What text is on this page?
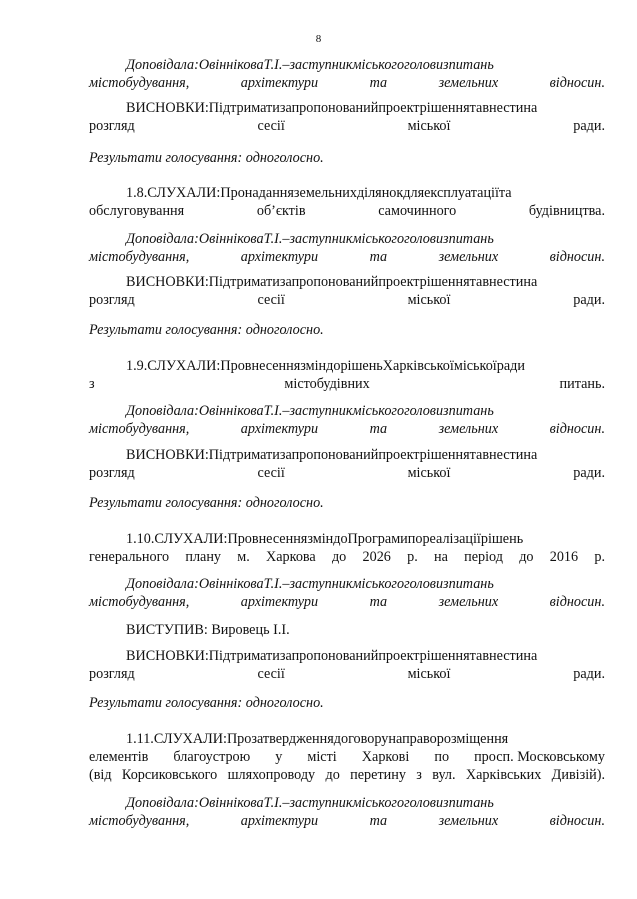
8
Доповідала:ОвінніковаТ.І.–заступникміськогоголовизпитань
містобудування, архітектури та земельних відносин.
ВИСНОВКИ:Підтриматизапропонованийпроектрішеннятавнестина
розгляд сесії міської ради.
Результати голосування: одноголосно.
1.8.СЛУХАЛИ:Пронаданняземельнихділянокдляексплуатаціїта
обслуговування об’єктів самочинного будівництва.
Доповідала:ОвінніковаТ.І.–заступникміськогоголовизпитань
містобудування, архітектури та земельних відносин.
ВИСНОВКИ:Підтриматизапропонованийпроектрішеннятавнестина
розгляд сесії міської ради.
Результати голосування: одноголосно.
1.9.СЛУХАЛИ:ПровнесеннязміндорішеньХарківськоїміськоїради
з містобудівних питань.
Доповідала:ОвінніковаТ.І.–заступникміськогоголовизпитань
містобудування, архітектури та земельних відносин.
ВИСНОВКИ:Підтриматизапропонованийпроектрішеннятавнестина
розгляд сесії міської ради.
Результати голосування: одноголосно.
1.10.СЛУХАЛИ:ПровнесеннязміндоПрограмипореалізаціїрішень
генерального плану м. Харкова до 2026 р. на період до 2016 р.
Доповідала:ОвінніковаТ.І.–заступникміськогоголовизпитань
містобудування, архітектури та земельних відносин.
ВИСТУПИВ: Вировець І.І.
ВИСНОВКИ:Підтриматизапропонованийпроектрішеннятавнестина
розгляд сесії міської ради.
Результати голосування: одноголосно.
1.11.СЛУХАЛИ:Прозатвердженнядоговорунаправорозміщення
елементів благоустрою у місті Харкові по просп. Московському
(від Корсиковського шляхопроводу до перетину з вул. Харківських Дивізій).
Доповідала:ОвінніковаТ.І.–заступникміськогоголовизпитань
містобудування, архітектури та земельних відносин.
